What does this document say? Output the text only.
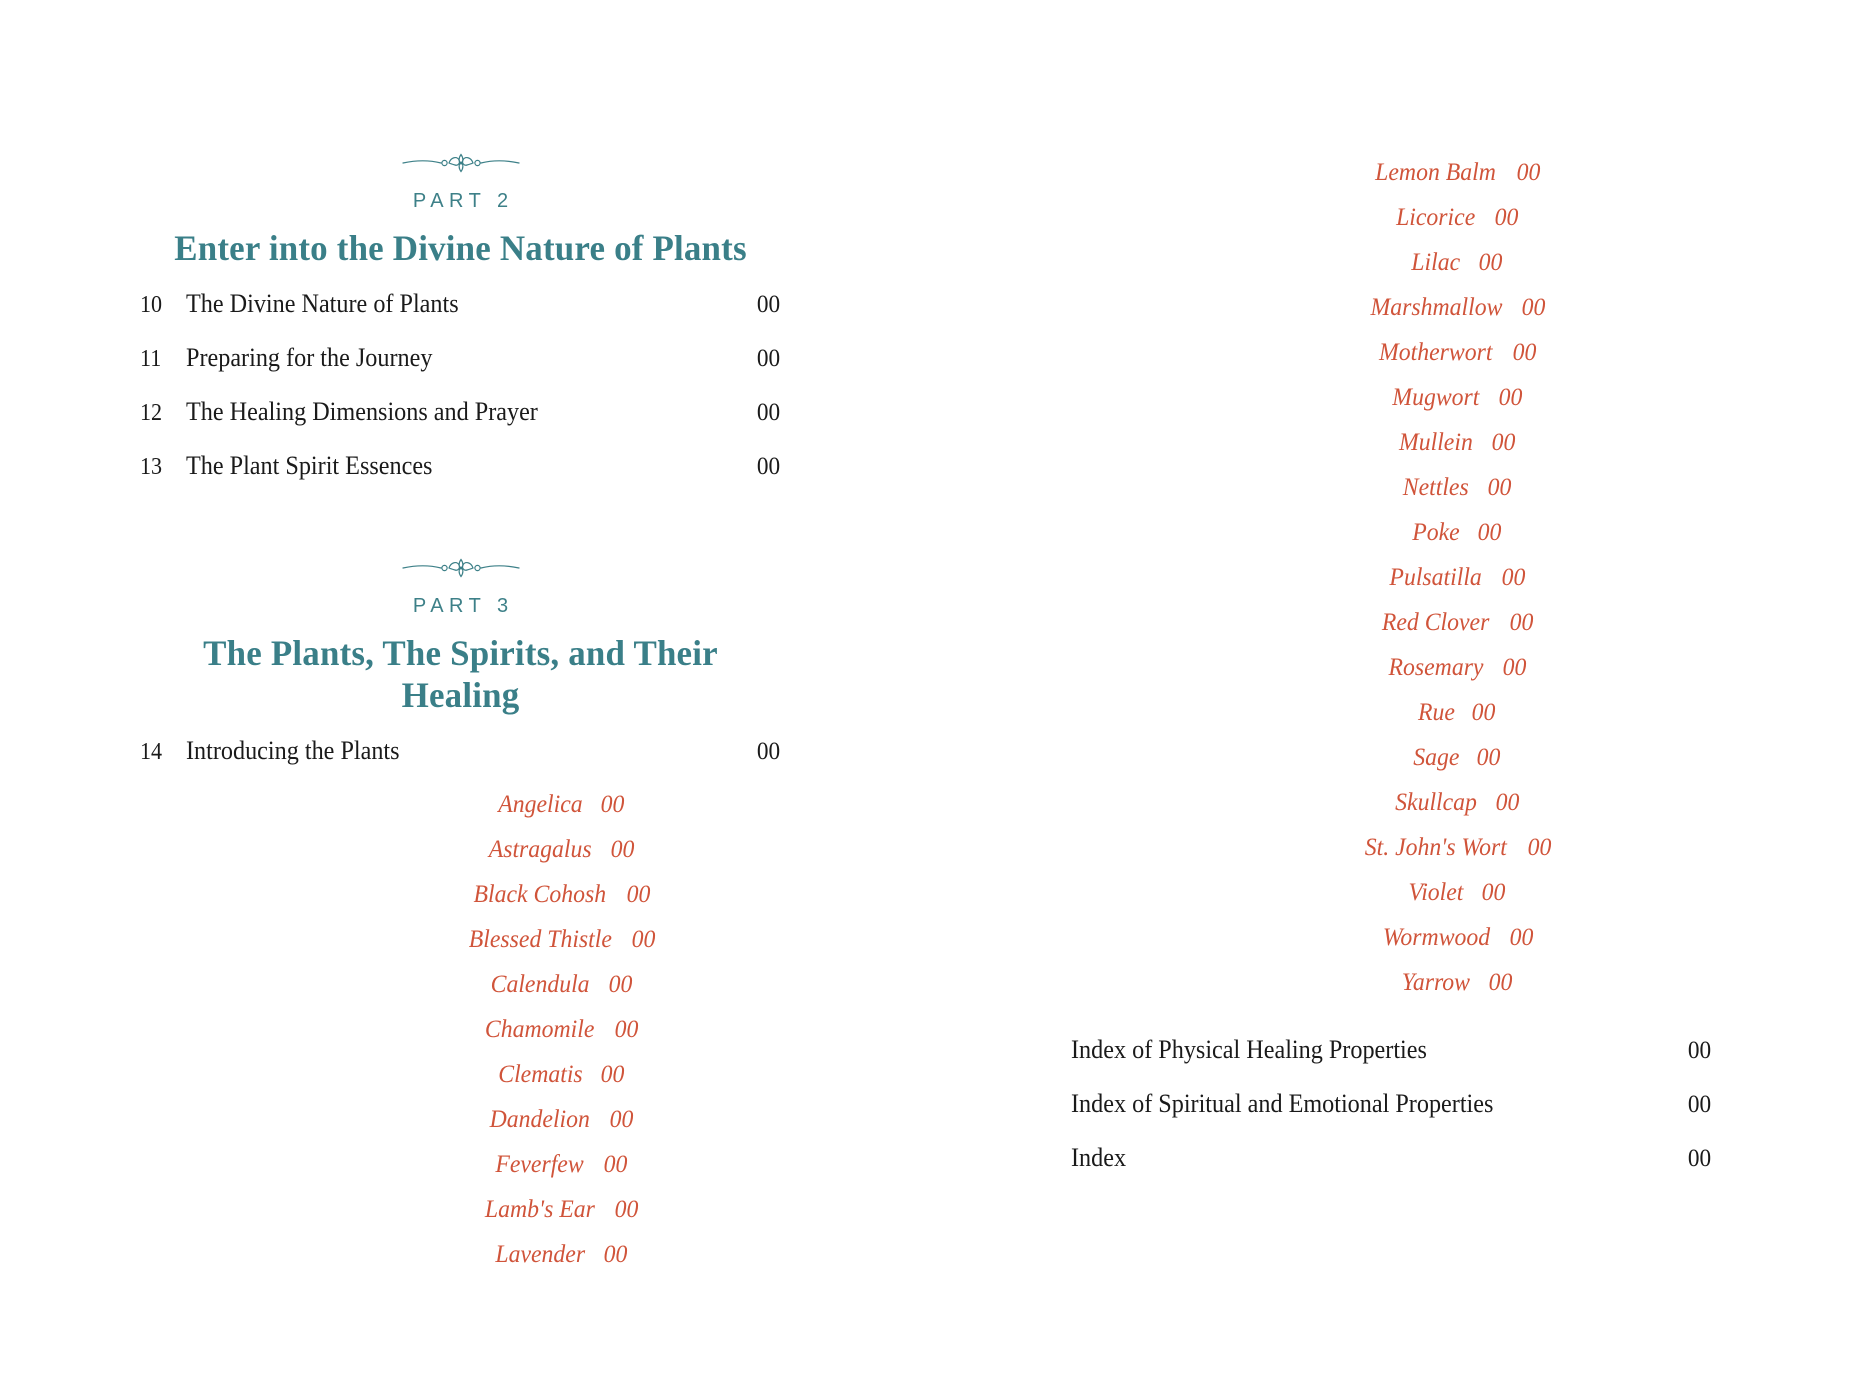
PART 2
Enter into the Divine Nature of Plants
10 The Divine Nature of Plants	00
11 Preparing for the Journey	00
12 The Healing Dimensions and Prayer	00
13 The Plant Spirit Essences	00
PART 3
The Plants, The Spirits, and Their Healing
14 Introducing the Plants	00
Angelica 00
Astragalus 00
Black Cohosh 00
Blessed Thistle 00
Calendula 00
Chamomile 00
Clematis 00
Dandelion 00
Feverfew 00
Lamb's Ear 00
Lavender 00
Lemon Balm 00
Licorice 00
Lilac 00
Marshmallow 00
Motherwort 00
Mugwort 00
Mullein 00
Nettles 00
Poke 00
Pulsatilla 00
Red Clover 00
Rosemary 00
Rue 00
Sage 00
Skullcap 00
St. John's Wort 00
Violet 00
Wormwood 00
Yarrow 00
Index of Physical Healing Properties	00
Index of Spiritual and Emotional Properties	00
Index	00
